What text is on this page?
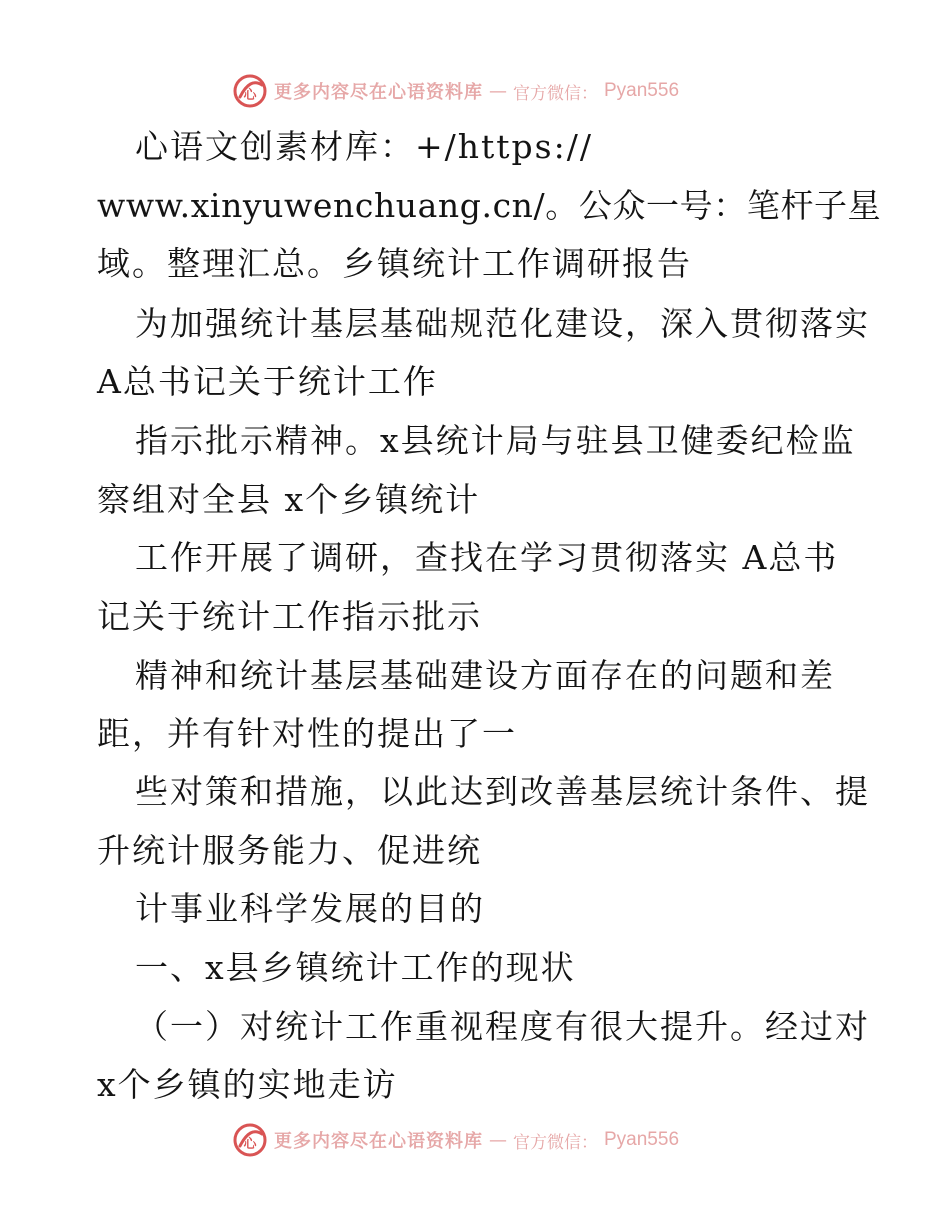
心 更多内容尽在心语资料库 — 官方微信： Pyan556
心语文创素材库：+/https://
www.xinyuwenchuang.cn/。公众一号：笔杆子星
域。整理汇总。乡镇统计工作调研报告
为加强统计基层基础规范化建设，深入贯彻落实
A总书记关于统计工作
指示批示精神。x县统计局与驻县卫健委纪检监
察组对全县 x个乡镇统计
工作开展了调研，查找在学习贯彻落实 A总书
记关于统计工作指示批示
精神和统计基层基础建设方面存在的问题和差
距，并有针对性的提出了一
些对策和措施，以此达到改善基层统计条件、提
升统计服务能力、促进统
计事业科学发展的目的
一、x县乡镇统计工作的现状
（一）对统计工作重视程度有很大提升。经过对
x个乡镇的实地走访
心 更多内容尽在心语资料库 — 官方微信： Pyan556
